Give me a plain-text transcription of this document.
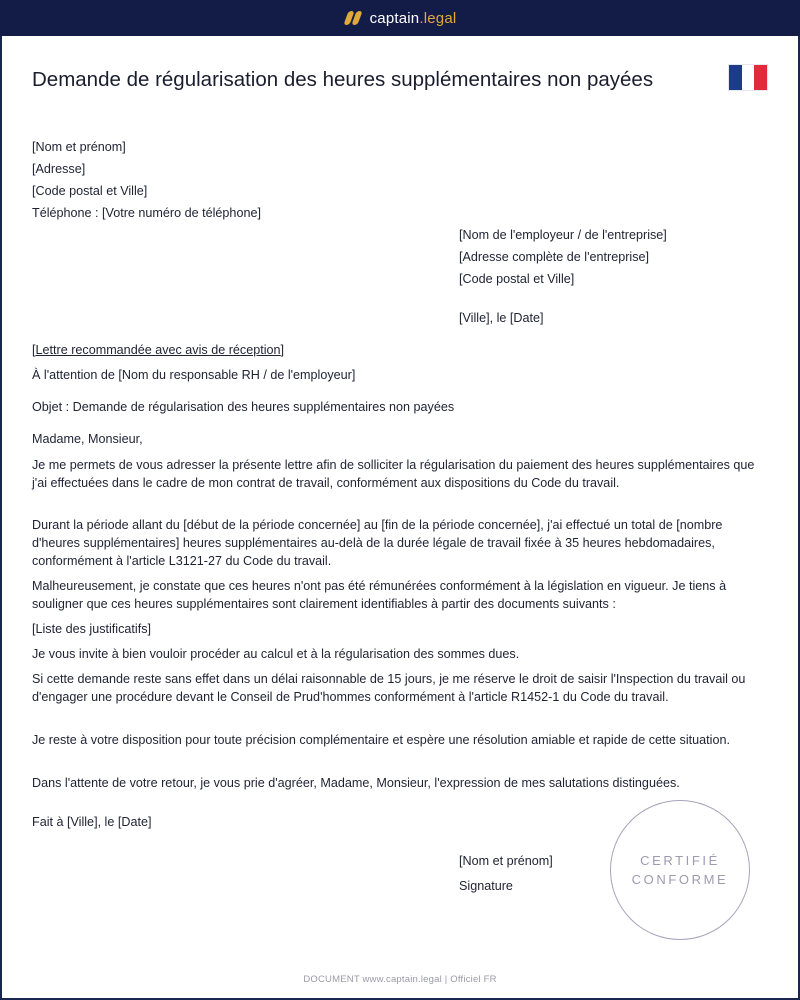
captain.legal
Demande de régularisation des heures supplémentaires non payées
[Nom et prénom]
[Adresse]
[Code postal et Ville]
Téléphone : [Votre numéro de téléphone]
[Nom de l'employeur / de l'entreprise]
[Adresse complète de l'entreprise]
[Code postal et Ville]
[Ville], le [Date]
[Lettre recommandée avec avis de réception]
À l'attention de [Nom du responsable RH / de l'employeur]
Objet : Demande de régularisation des heures supplémentaires non payées
Madame, Monsieur,
Je me permets de vous adresser la présente lettre afin de solliciter la régularisation du paiement des heures supplémentaires que j'ai effectuées dans le cadre de mon contrat de travail, conformément aux dispositions du Code du travail.
Durant la période allant du [début de la période concernée] au [fin de la période concernée], j'ai effectué un total de [nombre d'heures supplémentaires] heures supplémentaires au-delà de la durée légale de travail fixée à 35 heures hebdomadaires, conformément à l'article L3121-27 du Code du travail.
Malheureusement, je constate que ces heures n'ont pas été rémunérées conformément à la législation en vigueur. Je tiens à souligner que ces heures supplémentaires sont clairement identifiables à partir des documents suivants :
[Liste des justificatifs]
Je vous invite à bien vouloir procéder au calcul et à la régularisation des sommes dues.
Si cette demande reste sans effet dans un délai raisonnable de 15 jours, je me réserve le droit de saisir l'Inspection du travail ou d'engager une procédure devant le Conseil de Prud'hommes conformément à l'article R1452-1 du Code du travail.
Je reste à votre disposition pour toute précision complémentaire et espère une résolution amiable et rapide de cette situation.
Dans l'attente de votre retour, je vous prie d'agréer, Madame, Monsieur, l'expression de mes salutations distinguées.
Fait à [Ville], le [Date]
[Nom et prénom]
Signature
CERTIFIÉ
CONFORME
DOCUMENT www.captain.legal | Officiel FR
